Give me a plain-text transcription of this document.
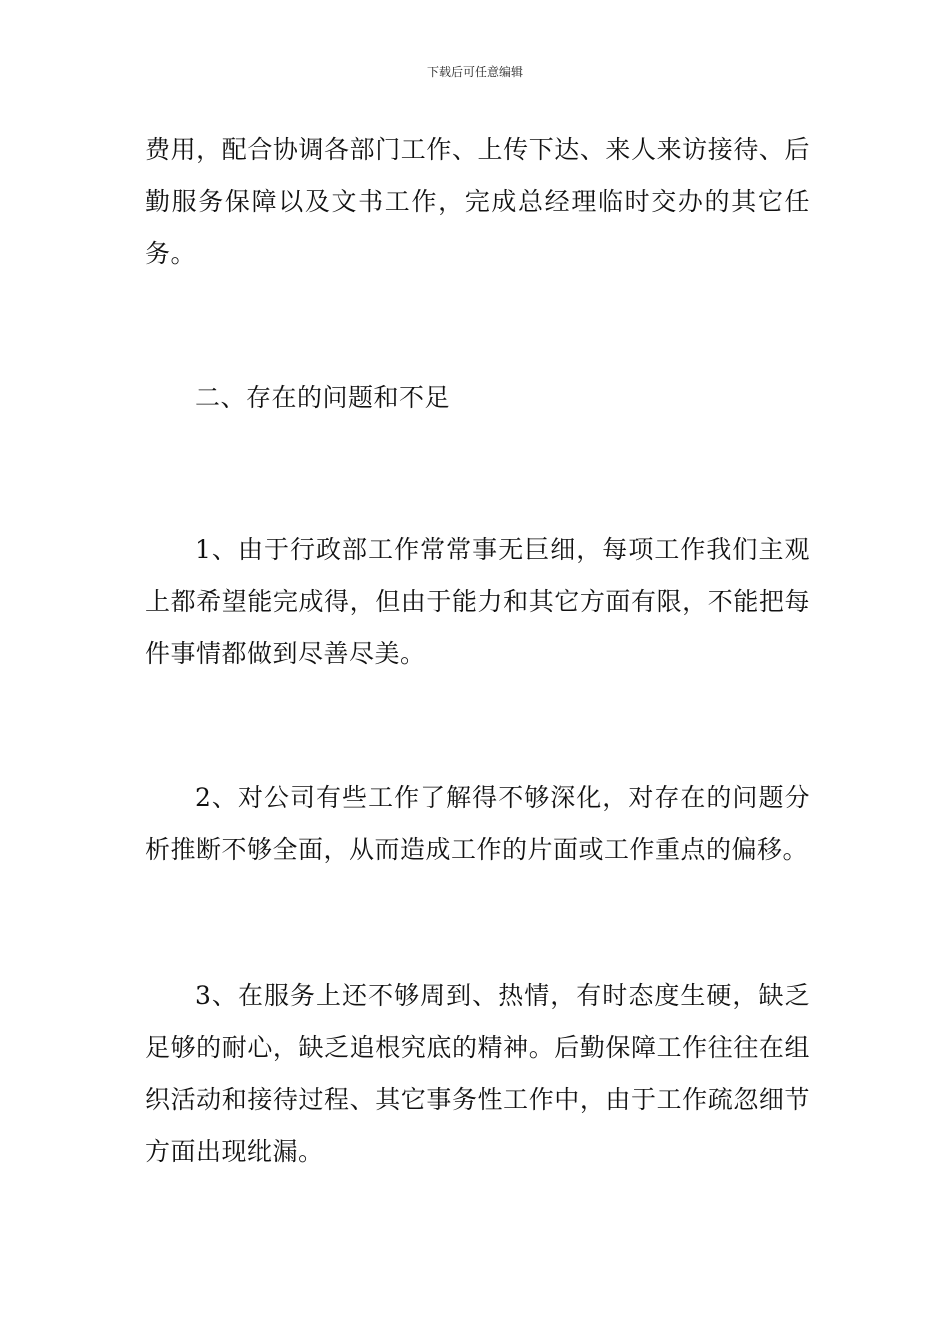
下载后可任意编辑

费用，配合协调各部门工作、上传下达、来人来访接待、后勤服务保障以及文书工作，完成总经理临时交办的其它任务。

二、存在的问题和不足

1、由于行政部工作常常事无巨细，每项工作我们主观上都希望能完成得，但由于能力和其它方面有限，不能把每件事情都做到尽善尽美。

2、对公司有些工作了解得不够深化，对存在的问题分析推断不够全面，从而造成工作的片面或工作重点的偏移。

3、在服务上还不够周到、热情，有时态度生硬，缺乏足够的耐心，缺乏追根究底的精神。后勤保障工作往往在组织活动和接待过程、其它事务性工作中，由于工作疏忽细节方面出现纰漏。
